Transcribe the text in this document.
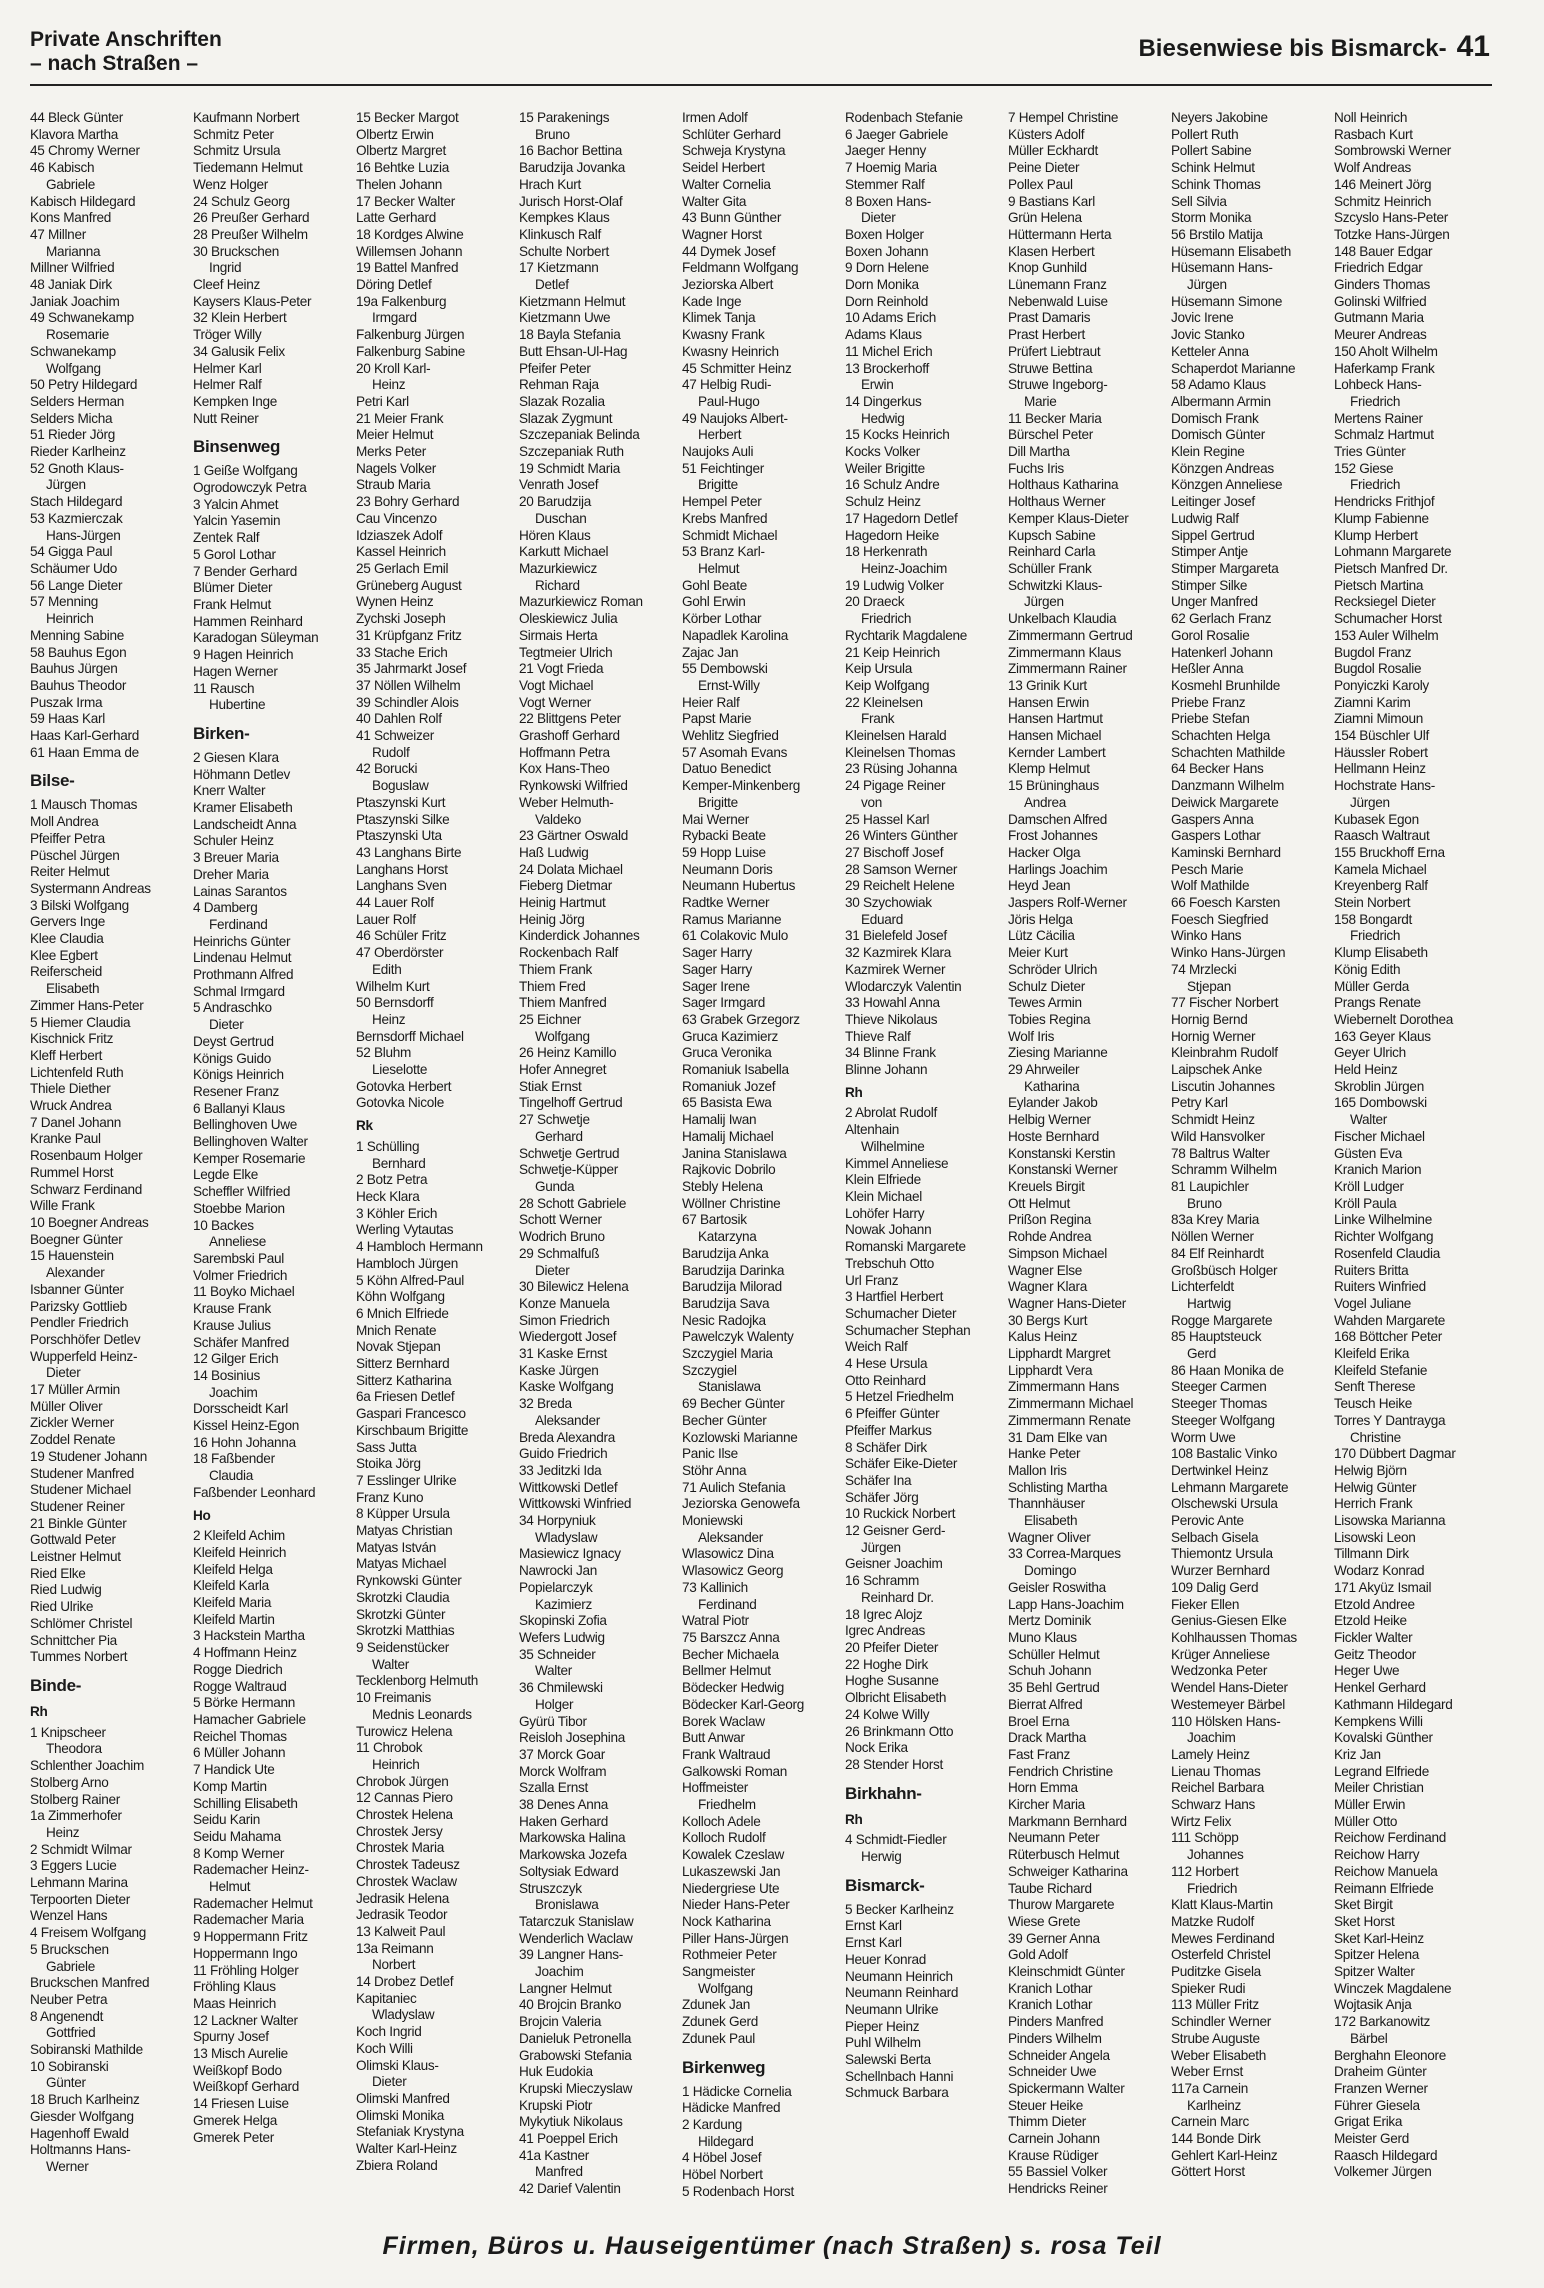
Private Anschriften
– nach Straßen –
Biesenwiese bis Bismarck- 41
44 Bleck Günter
Klavora Martha
45 Chromy Werner
46 Kabisch
Gabriele
Kabisch Hildegard
Kons Manfred
47 Millner
Marianna
Millner Wilfried
48 Janiak Dirk
Janiak Joachim
49 Schwanekamp
Rosemarie
Schwanekamp
Wolfgang
50 Petry Hildegard
Selders Herman
Selders Micha
51 Rieder Jörg
Rieder Karlheinz
52 Gnoth Klaus-
Jürgen
Stach Hildegard
53 Kazmierczak
Hans-Jürgen
54 Gigga Paul
Schäumer Udo
56 Lange Dieter
57 Menning
Heinrich
Menning Sabine
58 Bauhus Egon
Bauhus Jürgen
Bauhus Theodor
Puszak Irma
59 Haas Karl
Haas Karl-Gerhard
61 Haan Emma de
Bilse-
1 Mausch Thomas
Moll Andrea
Pfeiffer Petra
Püschel Jürgen
Reiter Helmut
Systermann Andreas
3 Bilski Wolfgang
Gervers Inge
Klee Claudia
Klee Egbert
Reiferscheid
Elisabeth
Zimmer Hans-Peter
5 Hiemer Claudia
Kischnick Fritz
Kleff Herbert
Lichtenfeld Ruth
Thiele Diether
Wruck Andrea
7 Danel Johann
Kranke Paul
Rosenbaum Holger
Rummel Horst
Schwarz Ferdinand
Wille Frank
10 Boegner Andreas
Boegner Günter
15 Hauenstein
Alexander
Isbanner Günter
Parizsky Gottlieb
Pendler Friedrich
Porschhöfer Detlev
Wupperfeld Heinz-
Dieter
17 Müller Armin
Müller Oliver
Zickler Werner
Zoddel Renate
19 Studener Johann
Studener Manfred
Studener Michael
Studener Reiner
21 Binkle Günter
Gottwald Peter
Leistner Helmut
Ried Elke
Ried Ludwig
Ried Ulrike
Schlömer Christel
Schnittcher Pia
Tummes Norbert
Binde-
Rh
1 Knipscheer
Theodora
Schlenther Joachim
Stolberg Arno
Stolberg Rainer
1a Zimmerhofer
Heinz
2 Schmidt Wilmar
3 Eggers Lucie
Lehmann Marina
Terpoorten Dieter
Wenzel Hans
4 Freisem Wolfgang
5 Bruckschen
Gabriele
Bruckschen Manfred
Neuber Petra
8 Angenendt
Gottfried
Sobiranski Mathilde
10 Sobiranski
Günter
18 Bruch Karlheinz
Giesder Wolfgang
Hagenhoff Ewald
Holtmanns Hans-
Werner
Kaufmann Norbert
Schmitz Peter
Schmitz Ursula
Tiedemann Helmut
Wenz Holger
24 Schulz Georg
26 Preußer Gerhard
28 Preußer Wilhelm
30 Bruckschen
Ingrid
Cleef Heinz
Kaysers Klaus-Peter
32 Klein Herbert
Tröger Willy
34 Galusik Felix
Helmer Karl
Helmer Ralf
Kempken Inge
Nutt Reiner
Binsenweg
1 Geiße Wolfgang
Ogrodowczyk Petra
3 Yalcin Ahmet
Yalcin Yasemin
Zentek Ralf
5 Gorol Lothar
7 Bender Gerhard
Blümer Dieter
Frank Helmut
Hammen Reinhard
Karadogan Süleyman
9 Hagen Heinrich
Hagen Werner
11 Rausch
Hubertine
Birken-
2 Giesen Klara
Höhmann Detlev
Knerr Walter
Kramer Elisabeth
Landscheidt Anna
Schuler Heinz
3 Breuer Maria
Dreher Maria
Lainas Sarantos
4 Damberg
Ferdinand
Heinrichs Günter
Lindenau Helmut
Prothmann Alfred
Schmal Irmgard
5 Andraschko
Dieter
Deyst Gertrud
Königs Guido
Königs Heinrich
Resener Franz
6 Ballanyi Klaus
Bellinghoven Uwe
Bellinghoven Walter
Kemper Rosemarie
Legde Elke
Scheffler Wilfried
Stoebbe Marion
10 Backes
Anneliese
Sarembski Paul
Volmer Friedrich
11 Boyko Michael
Krause Frank
Krause Julius
Schäfer Manfred
12 Gilger Erich
14 Bosinius
Joachim
Dorsscheidt Karl
Kissel Heinz-Egon
16 Hohn Johanna
18 Faßbender
Claudia
Faßbender Leonhard
Ho
2 Kleifeld Achim
Kleifeld Heinrich
Kleifeld Helga
Kleifeld Karla
Kleifeld Maria
Kleifeld Martin
3 Hackstein Martha
4 Hoffmann Heinz
Rogge Diedrich
Rogge Waltraud
5 Börke Hermann
Hamacher Gabriele
Reichel Thomas
6 Müller Johann
7 Handick Ute
Komp Martin
Schilling Elisabeth
Seidu Karin
Seidu Mahama
8 Komp Werner
Rademacher Heinz-
Helmut
Rademacher Helmut
Rademacher Maria
9 Hoppermann Fritz
Hoppermann Ingo
11 Fröhling Holger
Fröhling Klaus
Maas Heinrich
12 Lackner Walter
Spurny Josef
13 Misch Aurelie
Weißkopf Bodo
Weißkopf Gerhard
14 Friesen Luise
Gmerek Helga
Gmerek Peter
15 Becker Margot
Olbertz Erwin
Olbertz Margret
16 Behtke Luzia
Thelen Johann
17 Becker Walter
Latte Gerhard
18 Kordges Alwine
Willemsen Johann
19 Battel Manfred
Döring Detlef
19a Falkenburg
Irmgard
Falkenburg Jürgen
Falkenburg Sabine
20 Kroll Karl-
Heinz
Petri Karl
21 Meier Frank
Meier Helmut
Merks Peter
Nagels Volker
Straub Maria
23 Bohry Gerhard
Cau Vincenzo
Idziaszek Adolf
Kassel Heinrich
25 Gerlach Emil
Grüneberg August
Wynen Heinz
Zychski Joseph
31 Krüpfganz Fritz
33 Stache Erich
35 Jahrmarkt Josef
37 Nöllen Wilhelm
39 Schindler Alois
40 Dahlen Rolf
41 Schweizer
Rudolf
42 Borucki
Boguslaw
Ptaszynski Kurt
Ptaszynski Silke
Ptaszynski Uta
43 Langhans Birte
Langhans Horst
Langhans Sven
44 Lauer Rolf
Lauer Rolf
46 Schüler Fritz
47 Oberdörster
Edith
Wilhelm Kurt
50 Bernsdorff
Heinz
Bernsdorff Michael
52 Bluhm
Lieselotte
Gotovka Herbert
Gotovka Nicole
Rk
1 Schülling
Bernhard
2 Botz Petra
Heck Klara
3 Köhler Erich
Werling Vytautas
4 Hambloch Hermann
Hambloch Jürgen
5 Köhn Alfred-Paul
Köhn Wolfgang
6 Mnich Elfriede
Mnich Renate
Novak Stjepan
Sitterz Bernhard
Sitterz Katharina
6a Friesen Detlef
Gaspari Francesco
Kirschbaum Brigitte
Sass Jutta
Stoika Jörg
7 Esslinger Ulrike
Franz Kuno
8 Küpper Ursula
Matyas Christian
Matyas István
Matyas Michael
Rynkowski Günter
Skrotzki Claudia
Skrotzki Günter
Skrotzki Matthias
9 Seidenstücker
Walter
Tecklenborg Helmuth
10 Freimanis
Mednis Leonards
Turowicz Helena
11 Chrobok
Heinrich
Chrobok Jürgen
12 Cannas Piero
Chrostek Helena
Chrostek Jersy
Chrostek Maria
Chrostek Tadeusz
Chrostek Waclaw
Jedrasik Helena
Jedrasik Teodor
13 Kalweit Paul
13a Reimann
Norbert
14 Drobez Detlef
Kapitaniec
Wladyslaw
Koch Ingrid
Koch Willi
Olimski Klaus-
Dieter
Olimski Manfred
Olimski Monika
Stefaniak Krystyna
Walter Karl-Heinz
Zbiera Roland
15 Parakenings
Bruno
16 Bachor Bettina
Barudzija Jovanka
Hrach Kurt
Jurisch Horst-Olaf
Kempkes Klaus
Klinkusch Ralf
Schulte Norbert
17 Kietzmann
Detlef
Kietzmann Helmut
Kietzmann Uwe
18 Bayla Stefania
Butt Ehsan-Ul-Hag
Pfeifer Peter
Rehman Raja
Slazak Rozalia
Slazak Zygmunt
Szczepaniak Belinda
Szczepaniak Ruth
19 Schmidt Maria
Venrath Josef
20 Barudzija
Duschan
Hören Klaus
Karkutt Michael
Mazurkiewicz
Richard
Mazurkiewicz Roman
Oleskiewicz Julia
Sirmais Herta
Tegtmeier Ulrich
21 Vogt Frieda
Vogt Michael
Vogt Werner
22 Blittgens Peter
Grashoff Gerhard
Hoffmann Petra
Kox Hans-Theo
Rynkowski Wilfried
Weber Helmuth-
Valdeko
23 Gärtner Oswald
Haß Ludwig
24 Dolata Michael
Fieberg Dietmar
Heinig Hartmut
Heinig Jörg
Kinderdick Johannes
Rockenbach Ralf
Thiem Frank
Thiem Fred
Thiem Manfred
25 Eichner
Wolfgang
26 Heinz Kamillo
Hofer Annegret
Stiak Ernst
Tingelhoff Gertrud
27 Schwetje
Gerhard
Schwetje Gertrud
Schwetje-Küpper
Gunda
28 Schott Gabriele
Schott Werner
Wodrich Bruno
29 Schmalfuß
Dieter
30 Bilewicz Helena
Konze Manuela
Simon Friedrich
Wiedergott Josef
31 Kaske Ernst
Kaske Jürgen
Kaske Wolfgang
32 Breda
Aleksander
Breda Alexandra
Guido Friedrich
33 Jeditzki Ida
Wittkowski Detlef
Wittkowski Winfried
34 Horpyniuk
Wladyslaw
Masiewicz Ignacy
Nawrocki Jan
Popielarczyk
Kazimierz
Skopinski Zofia
Wefers Ludwig
35 Schneider
Walter
36 Chmilewski
Holger
Gyürü Tibor
Reisloh Josephina
37 Morck Goar
Morck Wolfram
Szalla Ernst
38 Denes Anna
Haken Gerhard
Markowska Halina
Markowska Jozefa
Soltysiak Edward
Struszczyk
Bronislawa
Tatarczuk Stanislaw
Wenderlich Waclaw
39 Langner Hans-
Joachim
Langner Helmut
40 Brojcin Branko
Brojcin Valeria
Danieluk Petronella
Grabowski Stefania
Huk Eudokia
Krupski Mieczyslaw
Krupski Piotr
Mykytiuk Nikolaus
41 Poeppel Erich
41a Kastner
Manfred
42 Darief Valentin
Irmen Adolf
Schlüter Gerhard
Schweja Krystyna
Seidel Herbert
Walter Cornelia
Walter Gita
43 Bunn Günther
Wagner Horst
44 Dymek Josef
Feldmann Wolfgang
Jeziorska Albert
Kade Inge
Klimek Tanja
Kwasny Frank
Kwasny Heinrich
45 Schmitter Heinz
47 Helbig Rudi-
Paul-Hugo
49 Naujoks Albert-
Herbert
Naujoks Auli
51 Feichtinger
Brigitte
Hempel Peter
Krebs Manfred
Schmidt Michael
53 Branz Karl-
Helmut
Gohl Beate
Gohl Erwin
Körber Lothar
Napadlek Karolina
Zajac Jan
55 Dembowski
Ernst-Willy
Heier Ralf
Papst Marie
Wehlitz Siegfried
57 Asomah Evans
Datuo Benedict
Kemper-Minkenberg
Brigitte
Mai Werner
Rybacki Beate
59 Hopp Luise
Neumann Doris
Neumann Hubertus
Radtke Werner
Ramus Marianne
61 Colakovic Mulo
Sager Harry
Sager Harry
Sager Irene
Sager Irmgard
63 Grabek Grzegorz
Gruca Kazimierz
Gruca Veronika
Romaniuk Isabella
Romaniuk Jozef
65 Basista Ewa
Hamalij Iwan
Hamalij Michael
Janina Stanislawa
Rajkovic Dobrilo
Stebly Helena
Wöllner Christine
67 Bartosik
Katarzyna
Barudzija Anka
Barudzija Darinka
Barudzija Milorad
Barudzija Sava
Nesic Radojka
Pawelczyk Walenty
Szczygiel Maria
Szczygiel
Stanislawa
69 Becher Günter
Becher Günter
Kozlowski Marianne
Panic Ilse
Stöhr Anna
71 Aulich Stefania
Jeziorska Genowefa
Moniewski
Aleksander
Wlasowicz Dina
Wlasowicz Georg
73 Kallinich
Ferdinand
Watral Piotr
75 Barszcz Anna
Becher Michaela
Bellmer Helmut
Bödecker Hedwig
Bödecker Karl-Georg
Borek Waclaw
Butt Anwar
Frank Waltraud
Galkowski Roman
Hoffmeister
Friedhelm
Kolloch Adele
Kolloch Rudolf
Kowalek Czeslaw
Lukaszewski Jan
Niedergriese Ute
Nieder Hans-Peter
Nock Katharina
Piller Hans-Jürgen
Rothmeier Peter
Sangmeister
Wolfgang
Zdunek Jan
Zdunek Gerd
Zdunek Paul
Birkenweg
1 Hädicke Cornelia
Hädicke Manfred
2 Kardung
Hildegard
4 Höbel Josef
Höbel Norbert
5 Rodenbach Horst
Rodenbach Stefanie
6 Jaeger Gabriele
Jaeger Henny
7 Hoemig Maria
Stemmer Ralf
8 Boxen Hans-
Dieter
Boxen Holger
Boxen Johann
9 Dorn Helene
Dorn Monika
Dorn Reinhold
10 Adams Erich
Adams Klaus
11 Michel Erich
13 Brockerhoff
Erwin
14 Dingerkus
Hedwig
15 Kocks Heinrich
Kocks Volker
Weiler Brigitte
16 Schulz Andre
Schulz Heinz
17 Hagedorn Detlef
Hagedorn Heike
18 Herkenrath
Heinz-Joachim
19 Ludwig Volker
20 Draeck
Friedrich
Rychtarik Magdalene
21 Keip Heinrich
Keip Ursula
Keip Wolfgang
22 Kleinelsen
Frank
Kleinelsen Harald
Kleinelsen Thomas
23 Rüsing Johanna
24 Pigage Reiner
von
25 Hassel Karl
26 Winters Günther
27 Bischoff Josef
28 Samson Werner
29 Reichelt Helene
30 Szychowiak
Eduard
31 Bielefeld Josef
32 Kazmirek Klara
Kazmirek Werner
Wlodarczyk Valentin
33 Howahl Anna
Thieve Nikolaus
Thieve Ralf
34 Blinne Frank
Blinne Johann
Rh
2 Abrolat Rudolf
Altenhain
Wilhelmine
Kimmel Anneliese
Klein Elfriede
Klein Michael
Lohöfer Harry
Nowak Johann
Romanski Margarete
Trebschuh Otto
Url Franz
3 Hartfiel Herbert
Schumacher Dieter
Schumacher Stephan
Weich Ralf
4 Hese Ursula
Otto Reinhard
5 Hetzel Friedhelm
6 Pfeiffer Günter
Pfeiffer Markus
8 Schäfer Dirk
Schäfer Eike-Dieter
Schäfer Ina
Schäfer Jörg
10 Ruckick Norbert
12 Geisner Gerd-
Jürgen
Geisner Joachim
16 Schramm
Reinhard Dr.
18 Igrec Alojz
Igrec Andreas
20 Pfeifer Dieter
22 Hoghe Dirk
Hoghe Susanne
Olbricht Elisabeth
24 Kolwe Willy
26 Brinkmann Otto
Nock Erika
28 Stender Horst
Birkhahn-
Rh
4 Schmidt-Fiedler
Herwig
Bismarck-
5 Becker Karlheinz
Ernst Karl
Ernst Karl
Heuer Konrad
Neumann Heinrich
Neumann Reinhard
Neumann Ulrike
Pieper Heinz
Puhl Wilhelm
Salewski Berta
Schellnbach Hanni
Schmuck Barbara
7 Hempel Christine
Küsters Adolf
Müller Eckhardt
Peine Dieter
Pollex Paul
9 Bastians Karl
Grün Helena
Hüttermann Herta
Klasen Herbert
Knop Gunhild
Lünemann Franz
Nebenwald Luise
Prast Damaris
Prast Herbert
Prüfert Liebtraut
Struwe Bettina
Struwe Ingeborg-
Marie
11 Becker Maria
Bürschel Peter
Dill Martha
Fuchs Iris
Holthaus Katharina
Holthaus Werner
Kemper Klaus-Dieter
Kupsch Sabine
Reinhard Carla
Schüller Frank
Schwitzki Klaus-
Jürgen
Unkelbach Klaudia
Zimmermann Gertrud
Zimmermann Klaus
Zimmermann Rainer
13 Grinik Kurt
Hansen Erwin
Hansen Hartmut
Hansen Michael
Kernder Lambert
Klemp Helmut
15 Brüninghaus
Andrea
Damschen Alfred
Frost Johannes
Hacker Olga
Harlings Joachim
Heyd Jean
Jaspers Rolf-Werner
Jöris Helga
Lütz Cäcilia
Meier Kurt
Schröder Ulrich
Schulz Dieter
Tewes Armin
Tobies Regina
Wolf Iris
Ziesing Marianne
29 Ahrweiler
Katharina
Eylander Jakob
Helbig Werner
Hoste Bernhard
Konstanski Kerstin
Konstanski Werner
Kreuels Birgit
Ott Helmut
Prißon Regina
Rohde Andrea
Simpson Michael
Wagner Else
Wagner Klara
Wagner Hans-Dieter
30 Bergs Kurt
Kalus Heinz
Lipphardt Margret
Lipphardt Vera
Zimmermann Hans
Zimmermann Michael
Zimmermann Renate
31 Dam Elke van
Hanke Peter
Mallon Iris
Schlisting Martha
Thannhäuser
Elisabeth
Wagner Oliver
33 Correa-Marques
Domingo
Geisler Roswitha
Lapp Hans-Joachim
Mertz Dominik
Muno Klaus
Schüller Helmut
Schuh Johann
35 Behl Gertrud
Bierrat Alfred
Broel Erna
Drack Martha
Fast Franz
Fendrich Christine
Horn Emma
Kircher Maria
Markmann Bernhard
Neumann Peter
Rüterbusch Helmut
Schweiger Katharina
Taube Richard
Thurow Margarete
Wiese Grete
39 Gerner Anna
Gold Adolf
Kleinschmidt Günter
Kranich Lothar
Kranich Lothar
Pinders Manfred
Pinders Wilhelm
Schneider Angela
Schneider Uwe
Spickermann Walter
Steuer Heike
Thimm Dieter
Carnein Johann
Krause Rüdiger
55 Bassiel Volker
Hendricks Reiner
Neyers Jakobine
Pollert Ruth
Pollert Sabine
Schink Helmut
Schink Thomas
Sell Silvia
Storm Monika
56 Brstilo Matija
Hüsemann Elisabeth
Hüsemann Hans-
Jürgen
Hüsemann Simone
Jovic Irene
Jovic Stanko
Ketteler Anna
Schaperdot Marianne
58 Adamo Klaus
Albermann Armin
Domisch Frank
Domisch Günter
Klein Regine
Könzgen Andreas
Könzgen Anneliese
Leitinger Josef
Ludwig Ralf
Sippel Gertrud
Stimper Antje
Stimper Margareta
Stimper Silke
Unger Manfred
62 Gerlach Franz
Gorol Rosalie
Hatenkerl Johann
Heßler Anna
Kosmehl Brunhilde
Priebe Franz
Priebe Stefan
Schachten Helga
Schachten Mathilde
64 Becker Hans
Danzmann Wilhelm
Deiwick Margarete
Gaspers Anna
Gaspers Lothar
Kaminski Bernhard
Pesch Marie
Wolf Mathilde
66 Foesch Karsten
Foesch Siegfried
Winko Hans
Winko Hans-Jürgen
74 Mrzlecki
Stjepan
77 Fischer Norbert
Hornig Bernd
Hornig Werner
Kleinbrahm Rudolf
Laipschek Anke
Liscutin Johannes
Petry Karl
Schmidt Heinz
Wild Hansvolker
78 Baltrus Walter
Schramm Wilhelm
81 Laupichler
Bruno
83a Krey Maria
Nöllen Werner
84 Elf Reinhardt
Großbüsch Holger
Lichterfeldt
Hartwig
Rogge Margarete
85 Hauptsteuck
Gerd
86 Haan Monika de
Steeger Carmen
Steeger Thomas
Steeger Wolfgang
Worm Uwe
108 Bastalic Vinko
Dertwinkel Heinz
Lehmann Margarete
Olschewski Ursula
Perovic Ante
Selbach Gisela
Thiemontz Ursula
Wurzer Bernhard
109 Dalig Gerd
Fieker Ellen
Genius-Giesen Elke
Kohlhaussen Thomas
Krüger Anneliese
Wedzonka Peter
Wendel Hans-Dieter
Westemeyer Bärbel
110 Hölsken Hans-
Joachim
Lamely Heinz
Lienau Thomas
Reichel Barbara
Schwarz Hans
Wirtz Felix
111 Schöpp
Johannes
112 Horbert
Friedrich
Klatt Klaus-Martin
Matzke Rudolf
Mewes Ferdinand
Osterfeld Christel
Puditzke Gisela
Spieker Rudi
113 Müller Fritz
Schindler Werner
Strube Auguste
Weber Elisabeth
Weber Ernst
117a Carnein
Karlheinz
Carnein Marc
144 Bonde Dirk
Gehlert Karl-Heinz
Göttert Horst
Noll Heinrich
Rasbach Kurt
Sombrowski Werner
Wolf Andreas
146 Meinert Jörg
Schmitz Heinrich
Szcyslo Hans-Peter
Totzke Hans-Jürgen
148 Bauer Edgar
Friedrich Edgar
Ginders Thomas
Golinski Wilfried
Gutmann Maria
Meurer Andreas
150 Aholt Wilhelm
Haferkamp Frank
Lohbeck Hans-
Friedrich
Mertens Rainer
Schmalz Hartmut
Tries Günter
152 Giese
Friedrich
Hendricks Frithjof
Klump Fabienne
Klump Herbert
Lohmann Margarete
Pietsch Manfred Dr.
Pietsch Martina
Recksiegel Dieter
Schumacher Horst
153 Auler Wilhelm
Bugdol Franz
Bugdol Rosalie
Ponyiczki Karoly
Ziamni Karim
Ziamni Mimoun
154 Büschler Ulf
Häussler Robert
Hellmann Heinz
Hochstrate Hans-
Jürgen
Kubasek Egon
Raasch Waltraut
155 Bruckhoff Erna
Kamela Michael
Kreyenberg Ralf
Stein Norbert
158 Bongardt
Friedrich
Klump Elisabeth
König Edith
Müller Gerda
Prangs Renate
Wiebernelt Dorothea
163 Geyer Klaus
Geyer Ulrich
Held Heinz
Skroblin Jürgen
165 Dombowski
Walter
Fischer Michael
Güsten Eva
Kranich Marion
Kröll Ludger
Kröll Paula
Linke Wilhelmine
Richter Wolfgang
Rosenfeld Claudia
Ruiters Britta
Ruiters Winfried
Vogel Juliane
Wahden Margarete
168 Böttcher Peter
Kleifeld Erika
Kleifeld Stefanie
Senft Therese
Teusch Heike
Torres Y Dantrayga
Christine
170 Dübbert Dagmar
Helwig Björn
Helwig Günter
Herrich Frank
Lisowska Marianna
Lisowski Leon
Tillmann Dirk
Wodarz Konrad
171 Akyüz Ismail
Etzold Andree
Etzold Heike
Fickler Walter
Geitz Theodor
Heger Uwe
Henkel Gerhard
Kathmann Hildegard
Kempkens Willi
Kovalski Günther
Kriz Jan
Legrand Elfriede
Meiler Christian
Müller Erwin
Müller Otto
Reichow Ferdinand
Reichow Harry
Reichow Manuela
Reimann Elfriede
Sket Birgit
Sket Horst
Sket Karl-Heinz
Spitzer Helena
Spitzer Walter
Winczek Magdalene
Wojtasik Anja
172 Barkanowitz
Bärbel
Berghahn Eleonore
Draheim Günter
Franzen Werner
Führer Giesela
Grigat Erika
Meister Gerd
Raasch Hildegard
Volkemer Jürgen
Firmen, Büros u. Hauseigentümer (nach Straßen) s. rosa Teil
